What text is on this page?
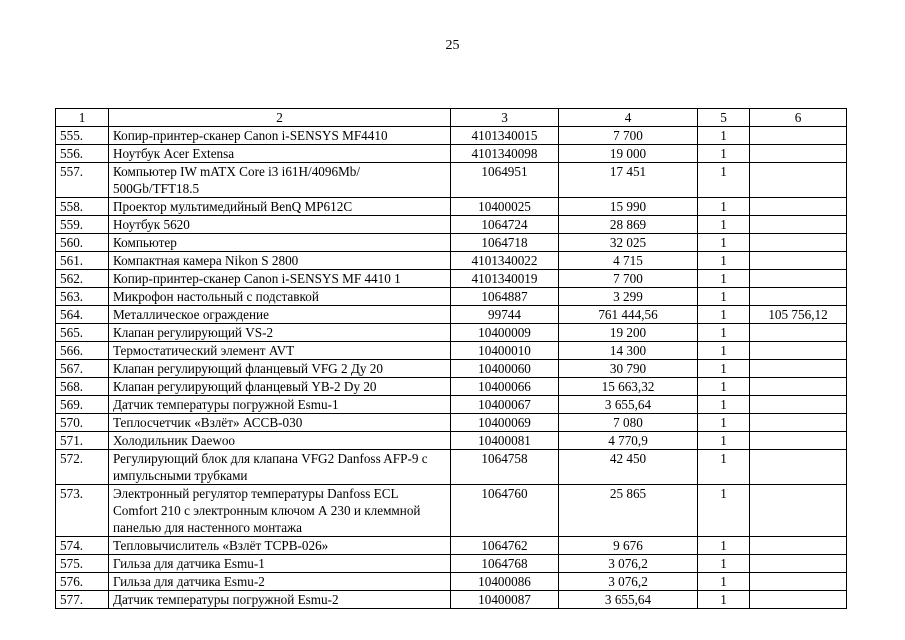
25
1	2	3	4	5	6
555.	Копир-принтер-сканер Canon i-SENSYS MF4410	4101340015	7 700	1	
556.	Ноутбук Acer Extensa	4101340098	19 000	1	
557.	Компьютер IW mATX Core i3 i61H/4096Mb/ 500Gb/TFT18.5	1064951	17 451	1	
558.	Проектор мультимедийный BenQ MP612C	10400025	15 990	1	
559.	Ноутбук 5620	1064724	28 869	1	
560.	Компьютер	1064718	32 025	1	
561.	Компактная камера Nikon S 2800	4101340022	4 715	1	
562.	Копир-принтер-сканер Canon i-SENSYS MF 4410 1	4101340019	7 700	1	
563.	Микрофон настольный с подставкой	1064887	3 299	1	
564.	Металлическое ограждение	99744	761 444,56	1	105 756,12
565.	Клапан регулирующий VS-2	10400009	19 200	1	
566.	Термостатический элемент AVT	10400010	14 300	1	
567.	Клапан регулирующий фланцевый VFG 2 Ду 20	10400060	30 790	1	
568.	Клапан регулирующий фланцевый YB-2 Dy 20	10400066	15 663,32	1	
569.	Датчик температуры погружной Esmu-1	10400067	3 655,64	1	
570.	Теплосчетчик «Взлёт» АССВ-030	10400069	7 080	1	
571.	Холодильник Daewoo	10400081	4 770,9	1	
572.	Регулирующий блок для клапана VFG2 Danfoss AFP-9 с импульсными трубками	1064758	42 450	1	
573.	Электронный регулятор температуры Danfoss ECL Comfort 210 с электронным ключом А 230 и клеммной панелью для настенного монтажа	1064760	25 865	1	
574.	Тепловычислитель «Взлёт ТСРВ-026»	1064762	9 676	1	
575.	Гильза для датчика Esmu-1	1064768	3 076,2	1	
576.	Гильза для датчика Esmu-2	10400086	3 076,2	1	
577.	Датчик температуры погружной Esmu-2	10400087	3 655,64	1	
